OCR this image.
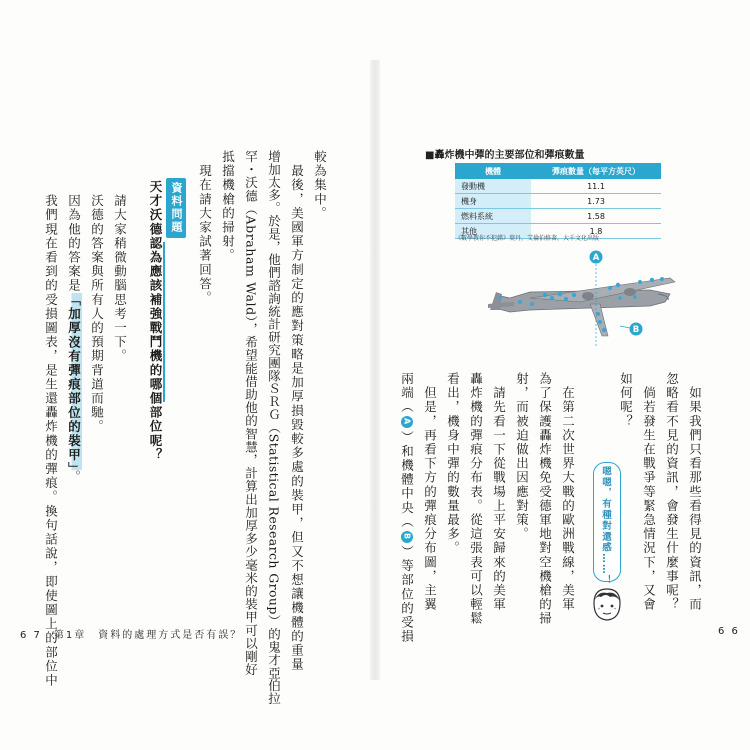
較為集中。
　最後，美國軍方制定的應對策略是加厚損毀較多處的裝甲，但又不想讓機體的重量
增加太多。於是，他們諮詢統計研究團隊ＳＲＧ（Statistical Research Group）的鬼才亞伯拉
罕・沃德（Abraham Wald），希望能借助他的智慧，計算出加厚多少毫米的裝甲可以剛好
抵擋機槍的掃射。
　現在請大家試著回答。
資料問題
天才沃德認為應該補強戰鬥機的哪個部位呢？
　請大家稍微動腦思考一下。
　沃德的答案與所有人的預期背道而馳。
　因為他的答案是「加厚沒有彈痕部位的裝甲」。
　我們現在看到的受損圖表，是生還轟炸機的彈痕。換句話說，即使圖上的部位中
6 7　第1章　資料的處理方式是否有誤？
■ 轟炸機中彈的主要部位和彈痕數量
機體	彈痕數量（每平方英尺）
發動機	11.1
機身	1.73
燃料系統	1.58
其他	1.8
《數學教你不犯錯》葉丹，艾倫伯格著，大千文化出版
A
B
　如果我們只看那些看得見的資訊，而
忽略看不見的資訊，會發生什麼事呢？
　倘若發生在戰爭等緊急情況下，又會
如何呢？
　在第二次世界大戰的歐洲戰線，美軍
為了保護轟炸機免受德軍地對空機槍的掃
射，而被迫做出因應對策。
　請先看一下從戰場上平安歸來的美軍
轟炸機的彈痕分布表。從這張表可以輕鬆
看出，機身中彈的數量最多。
　但是，再看下方的彈痕分布圖，主翼
兩端（A）和機體中央（B）等部位的受損
嗯嗯，有種對還感……！
6 6
